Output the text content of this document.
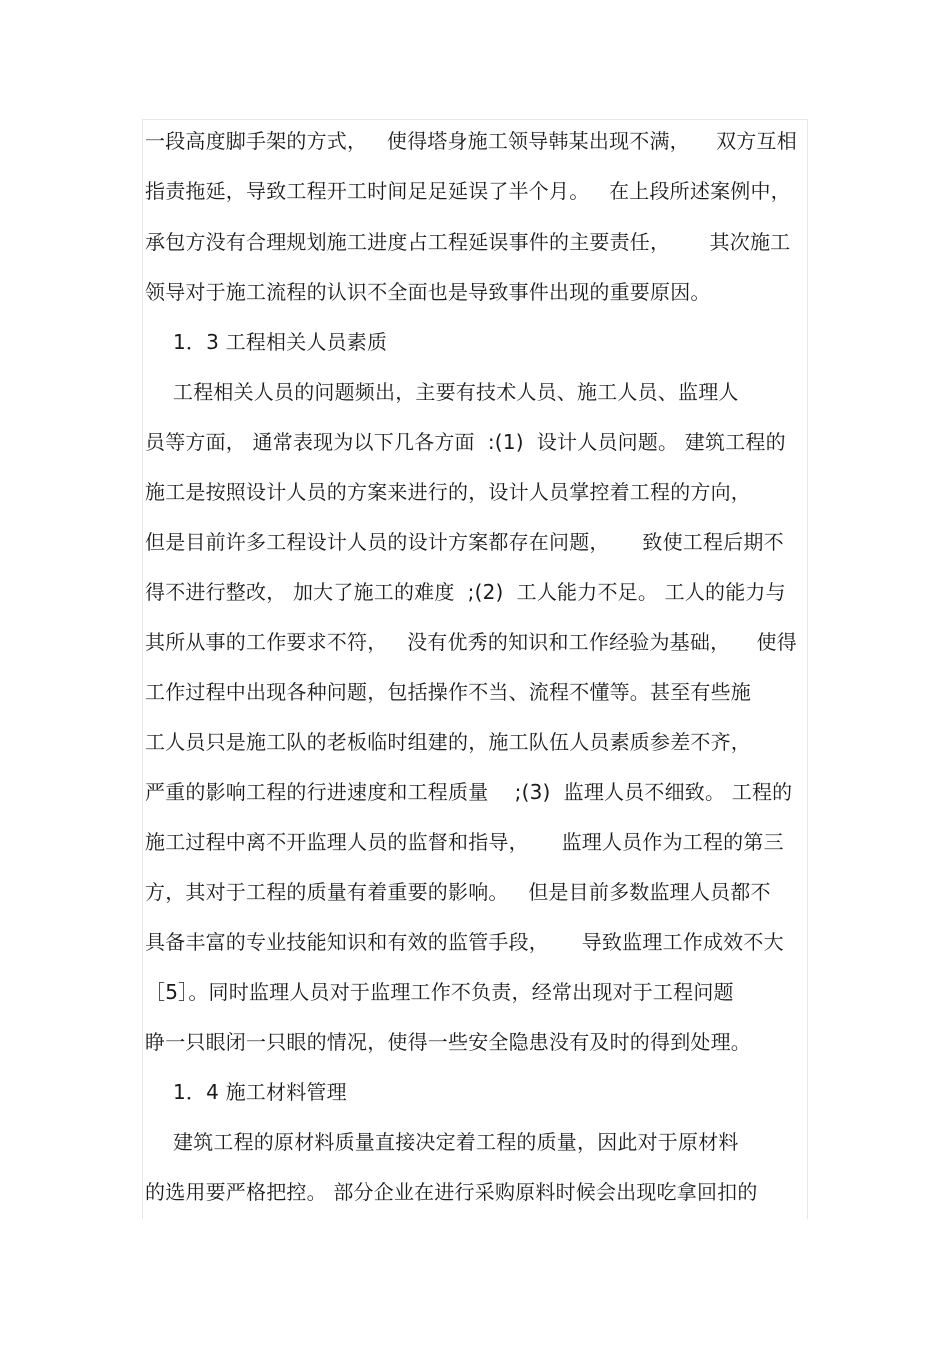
一段高度脚手架的方式，   使得塔身施工领导韩某出现不满，    双方互相
指责拖延，导致工程开工时间足足延误了半个月。   在上段所述案例中，
承包方没有合理规划施工进度占工程延误事件的主要责任，      其次施工
领导对于施工流程的认识不全面也是导致事件出现的重要原因。
1．3 工程相关人员素质
工程相关人员的问题频出，主要有技术人员、施工人员、监理人
员等方面， 通常表现为以下几各方面  :(1)  设计人员问题。 建筑工程的
施工是按照设计人员的方案来进行的，设计人员掌控着工程的方向，
但是目前许多工程设计人员的设计方案都存在问题，     致使工程后期不
得不进行整改， 加大了施工的难度  ;(2)  工人能力不足。 工人的能力与
其所从事的工作要求不符，   没有优秀的知识和工作经验为基础，    使得
工作过程中出现各种问题，包括操作不当、流程不懂等。甚至有些施
工人员只是施工队的老板临时组建的，施工队伍人员素质参差不齐，
严重的影响工程的行进速度和工程质量    ;(3)  监理人员不细致。 工程的
施工过程中离不开监理人员的监督和指导，     监理人员作为工程的第三
方，其对于工程的质量有着重要的影响。   但是目前多数监理人员都不
具备丰富的专业技能知识和有效的监管手段，     导致监理工作成效不大
［5］。同时监理人员对于监理工作不负责，经常出现对于工程问题
睁一只眼闭一只眼的情况，使得一些安全隐患没有及时的得到处理。
1．4 施工材料管理
建筑工程的原材料质量直接决定着工程的质量，因此对于原材料
的选用要严格把控。 部分企业在进行采购原料时候会出现吃拿回扣的
